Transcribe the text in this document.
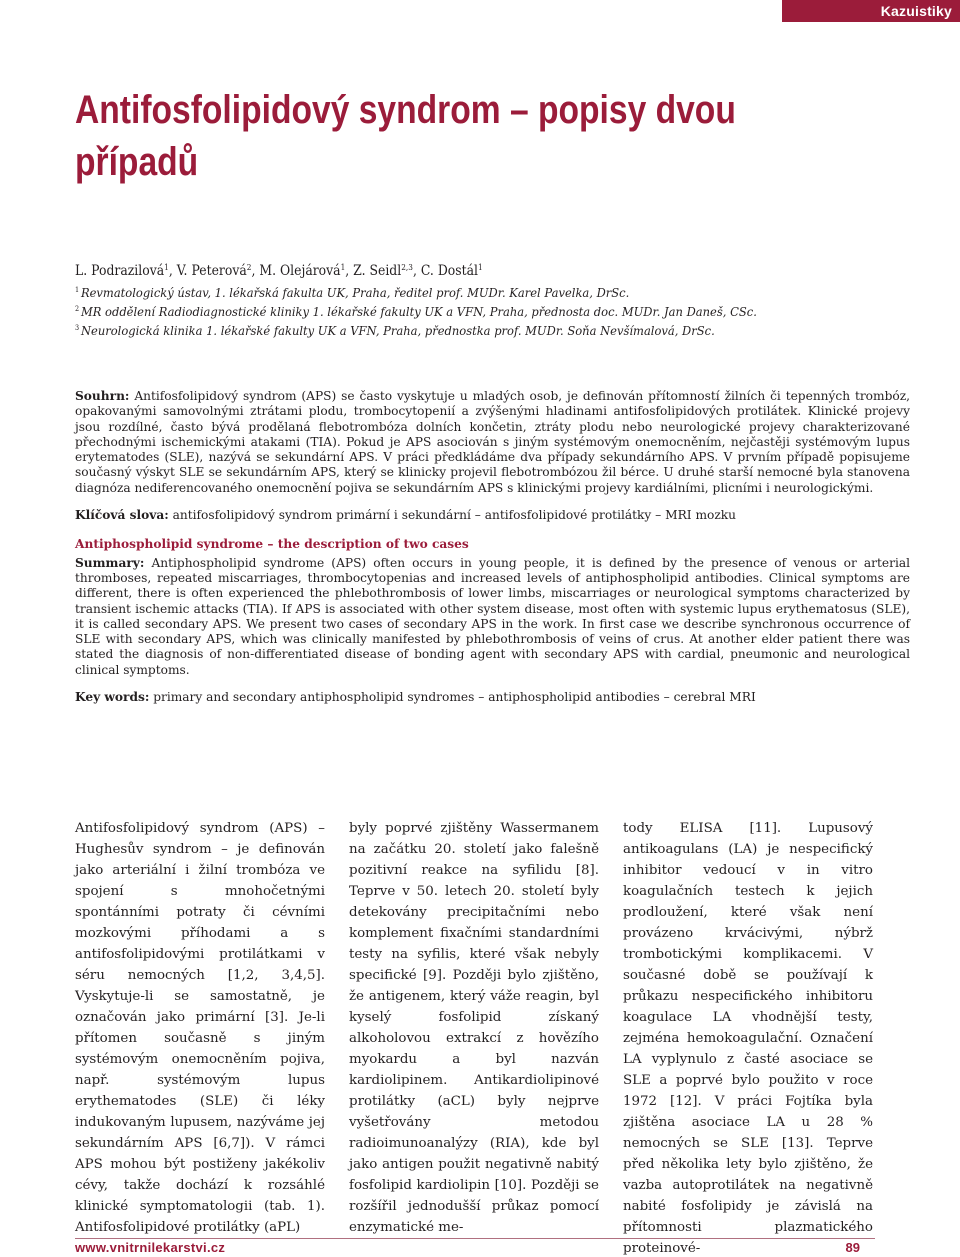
Kazuistiky
Antifosfolipidový syndrom – popisy dvou případů
L. Podrazilová$^1$, V. Peterová$^2$, M. Olejárová$^1$, Z. Seidl$^{2,3}$, C. Dostál$^1$
$^1$ Revmatologický ústav, 1. lékařská fakulta UK, Praha, ředitel prof. MUDr. Karel Pavelka, DrSc.
$^2$ MR oddělení Radiodiagnostické kliniky 1. lékařské fakulty UK a VFN, Praha, přednosta doc. MUDr. Jan Daneš, CSc.
$^3$ Neurologická klinika 1. lékařské fakulty UK a VFN, Praha, přednostka prof. MUDr. Soňa Nevšímalová, DrSc.

Souhrn: Antifosfolipidový syndrom (APS) se často vyskytuje u mladých osob, je definován přítomností žilních či tepenných trombóz, opakovanými samovolnými ztrátami plodu, trombocytopenií a zvýšenými hladinami antifosfolipidových protilátek. Klinické projevy jsou rozdílné, často bývá prodělaná flebotrombóza dolních končetin, ztráty plodu nebo neurologické projevy charakterizované přechodnými ischemickými atakami (TIA). Pokud je APS asociován s jiným systémovým onemocněním, nejčastěji systémovým lupus erytematodes (SLE), nazývá se sekundární APS. V práci předkládáme dva případy sekundárního APS. V prvním případě popisujeme současný výskyt SLE se sekundárním APS, který se klinicky projevil flebotrombózou žil bérce. U druhé starší nemocné byla stanovena diagnóza nediferencovaného onemocnění pojiva se sekundárním APS s klinickými projevy kardiálními, plicními i neurologickými.

Klíčová slova: antifosfolipidový syndrom primární i sekundární – antifosfolipidové protilátky – MRI mozku

Antiphospholipid syndrome – the description of two cases

Summary: Antiphospholipid syndrome (APS) often occurs in young people, it is defined by the presence of venous or arterial thromboses, repeated miscarriages, thrombocytopenias and increased levels of antiphospholipid antibodies. Clinical symptoms are different, there is often experienced the phlebothrombosis of lower limbs, miscarriages or neurological symptoms characterized by transient ischemic attacks (TIA). If APS is associated with other system disease, most often with systemic lupus erythematosus (SLE), it is called secondary APS. We present two cases of secondary APS in the work. In first case we describe synchronous occurrence of SLE with secondary APS, which was clinically manifested by phlebothrombosis of veins of crus. At another elder patient there was stated the diagnosis of non-differentiated disease of bonding agent with secondary APS with cardial, pneumonic and neurological clinical symptoms.

Key words: primary and secondary antiphospholipid syndromes – antiphospholipid antibodies – cerebral MRI

Antifosfolipidový syndrom (APS) – Hughesův syndrom – je definován jako arteriální i žilní trombóza ve spojení s mnohočetnými spontánními potraty či cévními mozkovými příhodami a s antifosfolipidovými protilátkami v séru nemocných [1,2, 3,4,5]. Vyskytuje-li se samostatně, je označován jako primární [3]. Je-li přítomen současně s jiným systémovým onemocněním pojiva, např. systémovým lupus erythematodes (SLE) či léky indukovaným lupusem, nazýváme jej sekundárním APS [6,7]). V rámci APS mohou být postiženy jakékoliv cévy, takže dochází k rozsáhlé klinické symptomatologii (tab. 1). Antifosfolipidové protilátky (aPL)
byly poprvé zjištěny Wassermanem na začátku 20. století jako falešně pozitivní reakce na syfilidu [8]. Teprve v 50. letech 20. století byly detekovány precipitačními nebo komplement fixačními standardními testy na syfilis, které však nebyly specifické [9]. Později bylo zjištěno, že antigenem, který váže reagin, byl kyselý fosfolipid získaný alkoholovou extrakcí z hovězího myokardu a byl nazván kardiolipinem. Antikardiolipinové protilátky (aCL) byly nejprve vyšetřovány metodou radioimunoanalýzy (RIA), kde byl jako antigen použit negativně nabitý fosfolipid kardiolipin [10]. Později se rozšířil jednodušší průkaz pomocí enzymatické me-
tody ELISA [11]. Lupusový antikoagulans (LA) je nespecifický inhibitor vedoucí v in vitro koagulačních testech k jejich prodloužení, které však není provázeno krvácivými, nýbrž trombotickými komplikacemi. V současné době se používají k průkazu nespecifického inhibitoru koagulace LA vhodnější testy, zejména hemokoagulační. Označení LA vyplynulo z časté asociace se SLE a poprvé bylo použito v roce 1972 [12]. V práci Fojtíka byla zjištěna asociace LA u 28 % nemocných se SLE [13]. Teprve před několika lety bylo zjištěno, že vazba autoprotilátek na negativně nabité fosfolipidy je závislá na přítomnosti plazmatického proteinové-
www.vnitrnilekarstvi.cz	89
